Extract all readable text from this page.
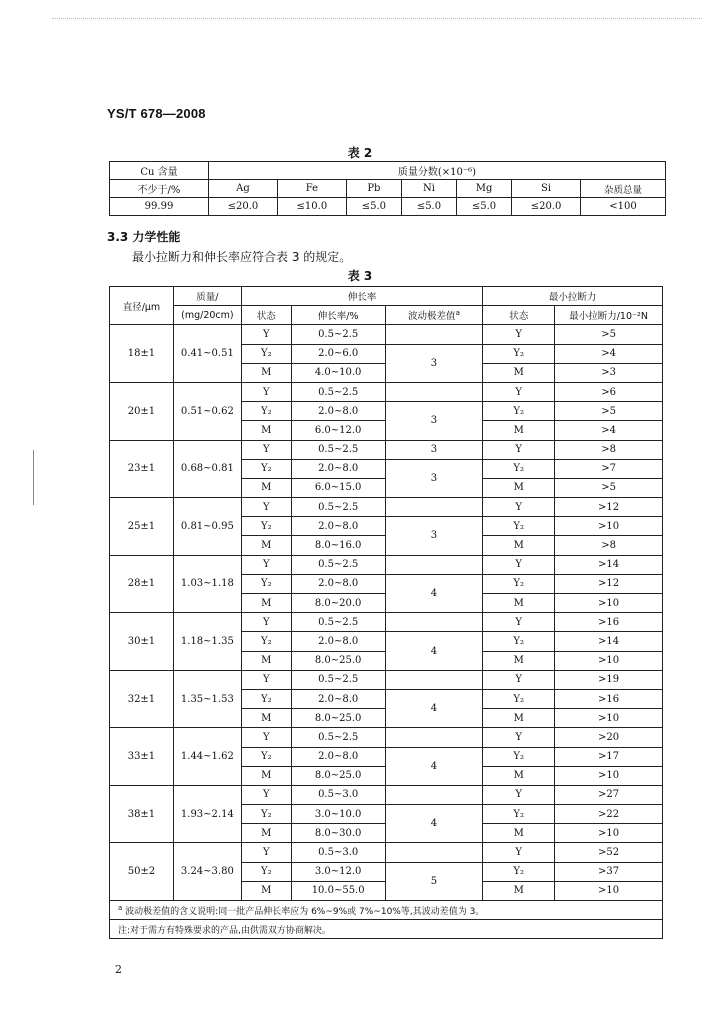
YS/T 678—2008
表 2
Cu 含量	质量分数(×10⁻⁶)						
不少于/%	Ag	Fe	Pb	Ni	Mg	Si	杂质总量
99.99	≤20.0	≤10.0	≤5.0	≤5.0	≤5.0	≤20.0	<100
3.3 力学性能
最小拉断力和伸长率应符合表 3 的规定。
表 3
直径/μm	质量/	伸长率			最小拉断力	
	(mg/20cm)	状态	伸长率/%	波动极差值$^a$	状态	最小拉断力/10⁻²N
18±1	0.41~0.51	Y	0.5~2.5		Y	>5
		Y₂	2.0~6.0	3	Y₂	>4
		M	4.0~10.0		M	>3
20±1	0.51~0.62	Y	0.5~2.5		Y	>6
		Y₂	2.0~8.0	3	Y₂	>5
		M	6.0~12.0		M	>4
23±1	0.68~0.81	Y	0.5~2.5	3	Y	>8
		Y₂	2.0~8.0	3	Y₂	>7
		M	6.0~15.0		M	>5
25±1	0.81~0.95	Y	0.5~2.5		Y	>12
		Y₂	2.0~8.0	3	Y₂	>10
		M	8.0~16.0		M	>8
28±1	1.03~1.18	Y	0.5~2.5		Y	>14
		Y₂	2.0~8.0	4	Y₂	>12
		M	8.0~20.0		M	>10
30±1	1.18~1.35	Y	0.5~2.5		Y	>16
		Y₂	2.0~8.0	4	Y₂	>14
		M	8.0~25.0		M	>10
32±1	1.35~1.53	Y	0.5~2.5		Y	>19
		Y₂	2.0~8.0	4	Y₂	>16
		M	8.0~25.0		M	>10
33±1	1.44~1.62	Y	0.5~2.5		Y	>20
		Y₂	2.0~8.0	4	Y₂	>17
		M	8.0~25.0		M	>10
38±1	1.93~2.14	Y	0.5~3.0		Y	>27
		Y₂	3.0~10.0	4	Y₂	>22
		M	8.0~30.0		M	>10
50±2	3.24~3.80	Y	0.5~3.0		Y	>52
		Y₂	3.0~12.0	5	Y₂	>37
		M	10.0~55.0		M	>10
$^a$ 波动极差值的含义说明:同一批产品伸长率应为 6%~9%或 7%~10%等,其波动差值为 3。						
注:对于需方有特殊要求的产品,由供需双方协商解决。						
2
